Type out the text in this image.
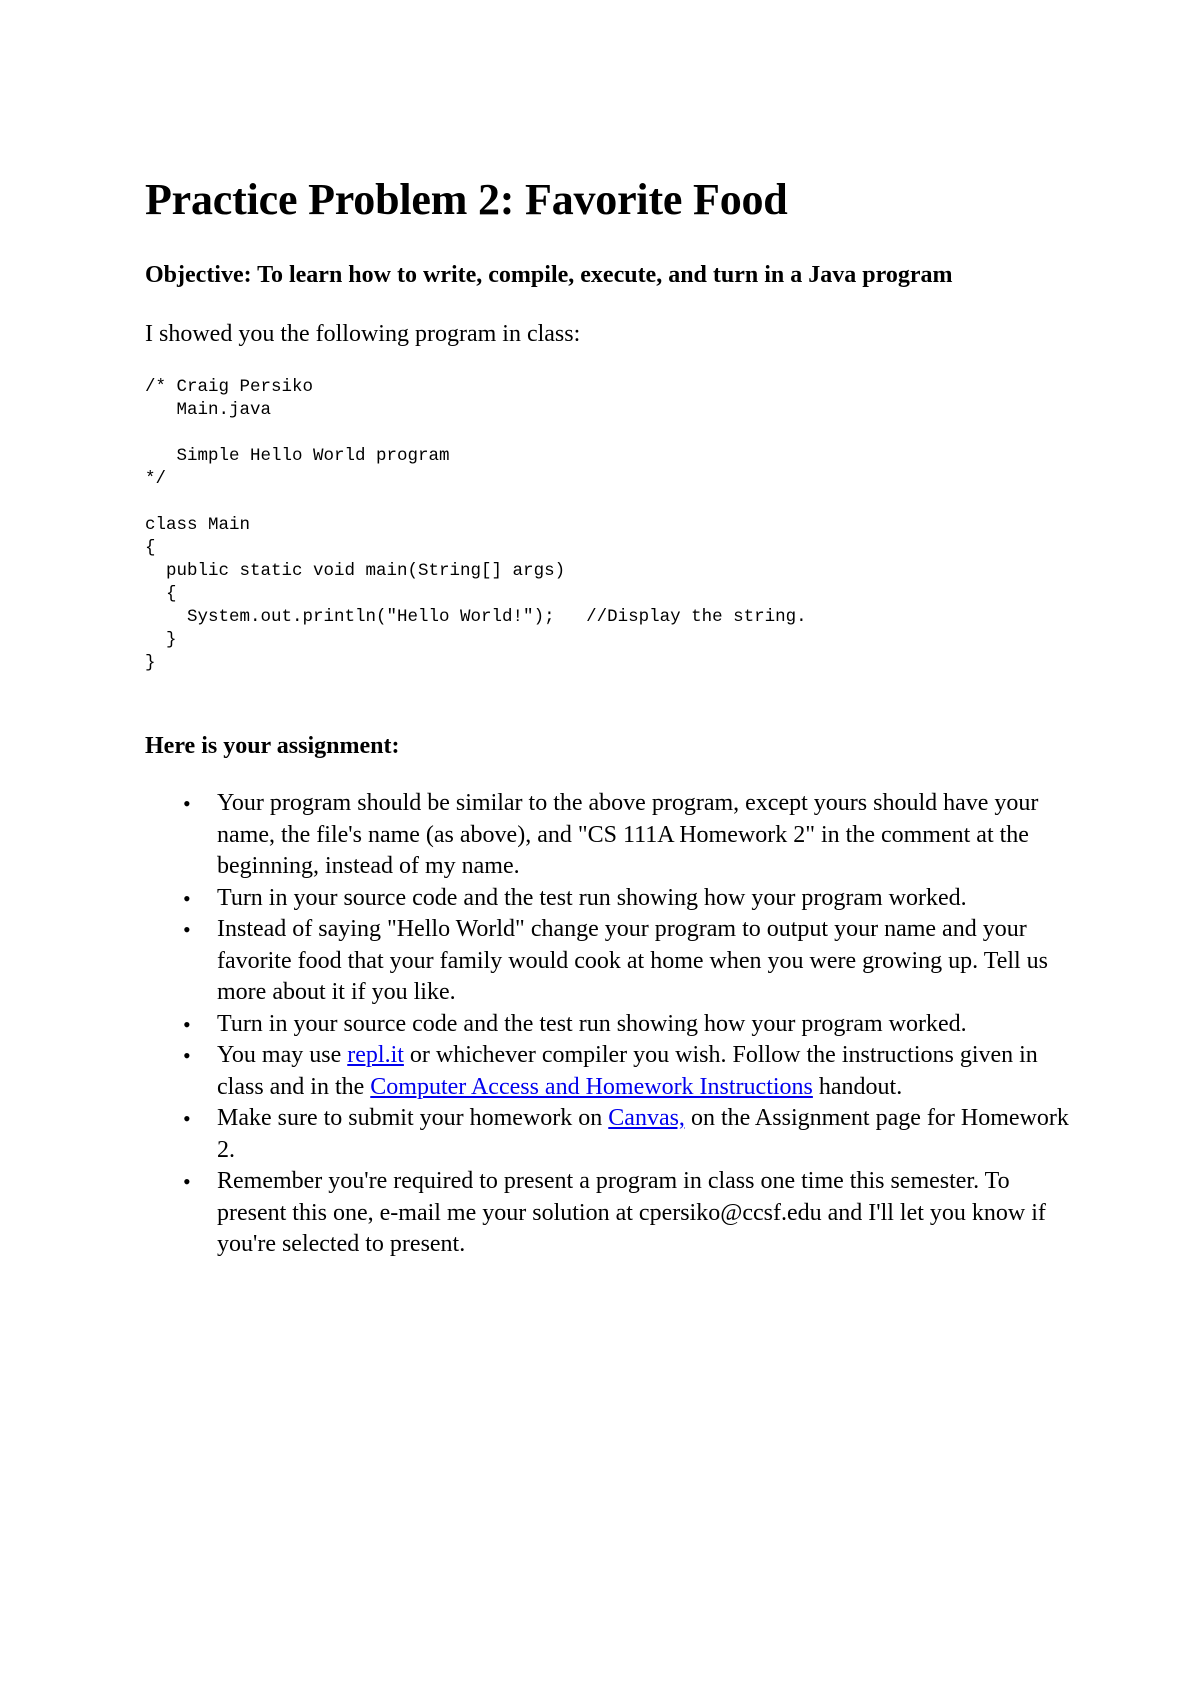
Practice Problem 2: Favorite Food

Objective: To learn how to write, compile, execute, and turn in a Java program

I showed you the following program in class:

/* Craig Persiko
Main.java

Simple Hello World program
*/

class Main
{
public static void main(String[] args)
{
System.out.println("Hello World!");   //Display the string.
}
}

Here is your assignment:

• Your program should be similar to the above program, except yours should have your name, the file's name (as above), and "CS 111A Homework 2" in the comment at the beginning, instead of my name.
• Turn in your source code and the test run showing how your program worked.
• Instead of saying "Hello World" change your program to output your name and your favorite food that your family would cook at home when you were growing up. Tell us more about it if you like.
• Turn in your source code and the test run showing how your program worked.
• You may use repl.it or whichever compiler you wish. Follow the instructions given in class and in the Computer Access and Homework Instructions handout.
• Make sure to submit your homework on Canvas, on the Assignment page for Homework 2.
• Remember you're required to present a program in class one time this semester. To present this one, e-mail me your solution at cpersiko@ccsf.edu and I'll let you know if you're selected to present.
